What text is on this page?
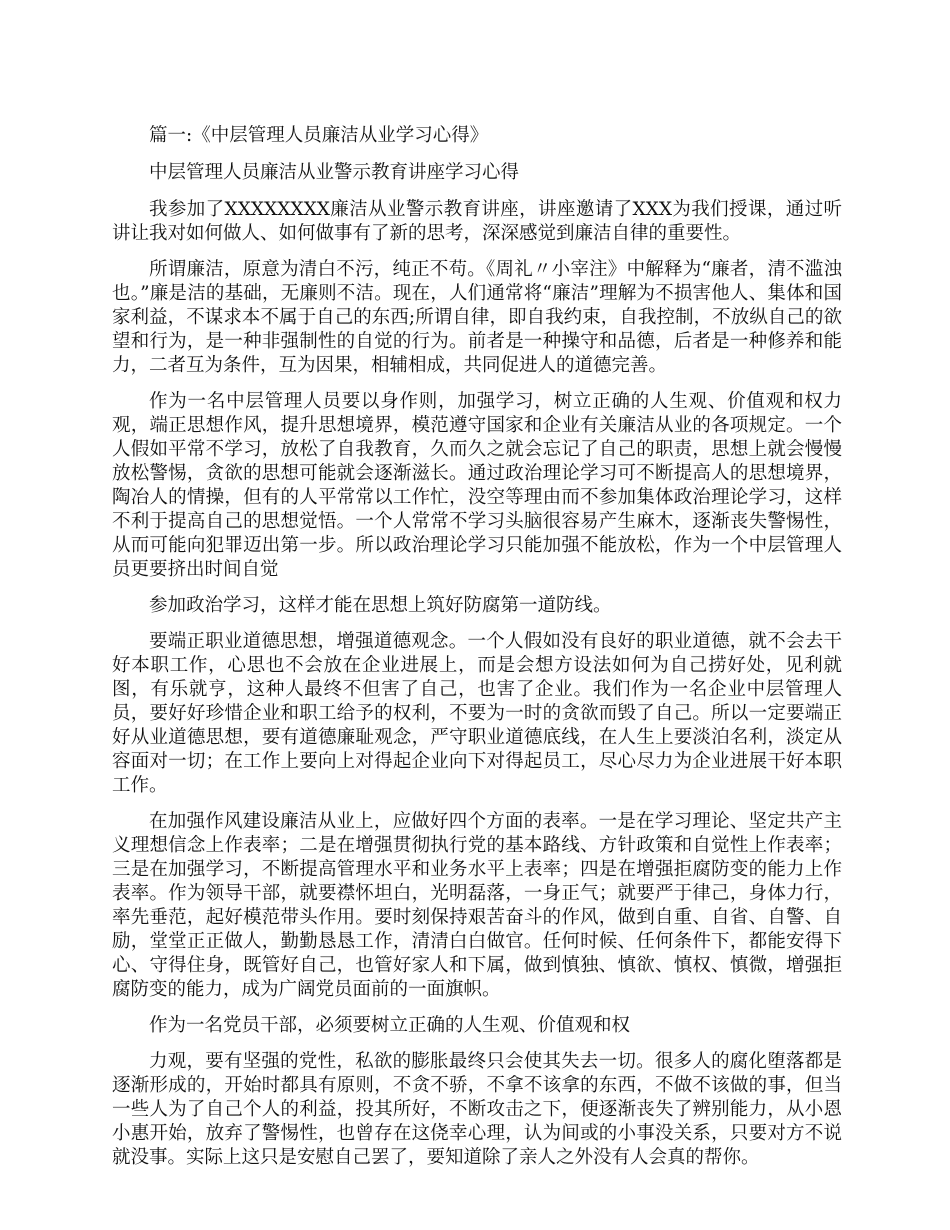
篇一:《中层管理人员廉洁从业学习心得》

中层管理人员廉洁从业警示教育讲座学习心得

我参加了XXXXXXXX廉洁从业警示教育讲座，讲座邀请了XXX为我们授课，通过听讲让我对如何做人、如何做事有了新的思考，深深感觉到廉洁自律的重要性。

所谓廉洁，原意为清白不污，纯正不苟。《周礼〃小宰注》中解释为“廉者，清不滥浊也。”廉是洁的基础，无廉则不洁。现在，人们通常将“廉洁”理解为不损害他人、集体和国家利益，不谋求本不属于自己的东西;所谓自律，即自我约束，自我控制，不放纵自己的欲望和行为，是一种非强制性的自觉的行为。前者是一种操守和品德，后者是一种修养和能力，二者互为条件，互为因果，相辅相成，共同促进人的道德完善。

作为一名中层管理人员要以身作则，加强学习，树立正确的人生观、价值观和权力观，端正思想作风，提升思想境界，模范遵守国家和企业有关廉洁从业的各项规定。一个人假如平常不学习，放松了自我教育，久而久之就会忘记了自己的职责，思想上就会慢慢放松警惕，贪欲的思想可能就会逐渐滋长。通过政治理论学习可不断提高人的思想境界，陶冶人的情操，但有的人平常常以工作忙，没空等理由而不参加集体政治理论学习，这样不利于提高自己的思想觉悟。一个人常常不学习头脑很容易产生麻木，逐渐丧失警惕性，从而可能向犯罪迈出第一步。所以政治理论学习只能加强不能放松，作为一个中层管理人员更要挤出时间自觉

参加政治学习，这样才能在思想上筑好防腐第一道防线。

要端正职业道德思想，增强道德观念。一个人假如没有良好的职业道德，就不会去干好本职工作，心思也不会放在企业进展上，而是会想方设法如何为自己捞好处，见利就图，有乐就亨，这种人最终不但害了自己，也害了企业。我们作为一名企业中层管理人员，要好好珍惜企业和职工给予的权利，不要为一时的贪欲而毁了自己。所以一定要端正好从业道德思想，要有道德廉耻观念，严守职业道德底线，在人生上要淡泊名利，淡定从容面对一切；在工作上要向上对得起企业向下对得起员工，尽心尽力为企业进展干好本职工作。

在加强作风建设廉洁从业上，应做好四个方面的表率。一是在学习理论、坚定共产主义理想信念上作表率；二是在增强贯彻执行党的基本路线、方针政策和自觉性上作表率；三是在加强学习，不断提高管理水平和业务水平上表率；四是在增强拒腐防变的能力上作表率。作为领导干部，就要襟怀坦白，光明磊落，一身正气；就要严于律己，身体力行，率先垂范，起好模范带头作用。要时刻保持艰苦奋斗的作风，做到自重、自省、自警、自励，堂堂正正做人，勤勤恳恳工作，清清白白做官。任何时候、任何条件下，都能安得下心、守得住身，既管好自己，也管好家人和下属，做到慎独、慎欲、慎权、慎微，增强拒腐防变的能力，成为广阔党员面前的一面旗帜。

作为一名党员干部，必须要树立正确的人生观、价值观和权

力观，要有坚强的党性，私欲的膨胀最终只会使其失去一切。很多人的腐化堕落都是逐渐形成的，开始时都具有原则，不贪不骄，不拿不该拿的东西，不做不该做的事，但当一些人为了自己个人的利益，投其所好，不断攻击之下，便逐渐丧失了辨别能力，从小恩小惠开始，放弃了警惕性，也曾存在这侥幸心理，认为间或的小事没关系，只要对方不说就没事。实际上这只是安慰自己罢了，要知道除了亲人之外没有人会真的帮你。
